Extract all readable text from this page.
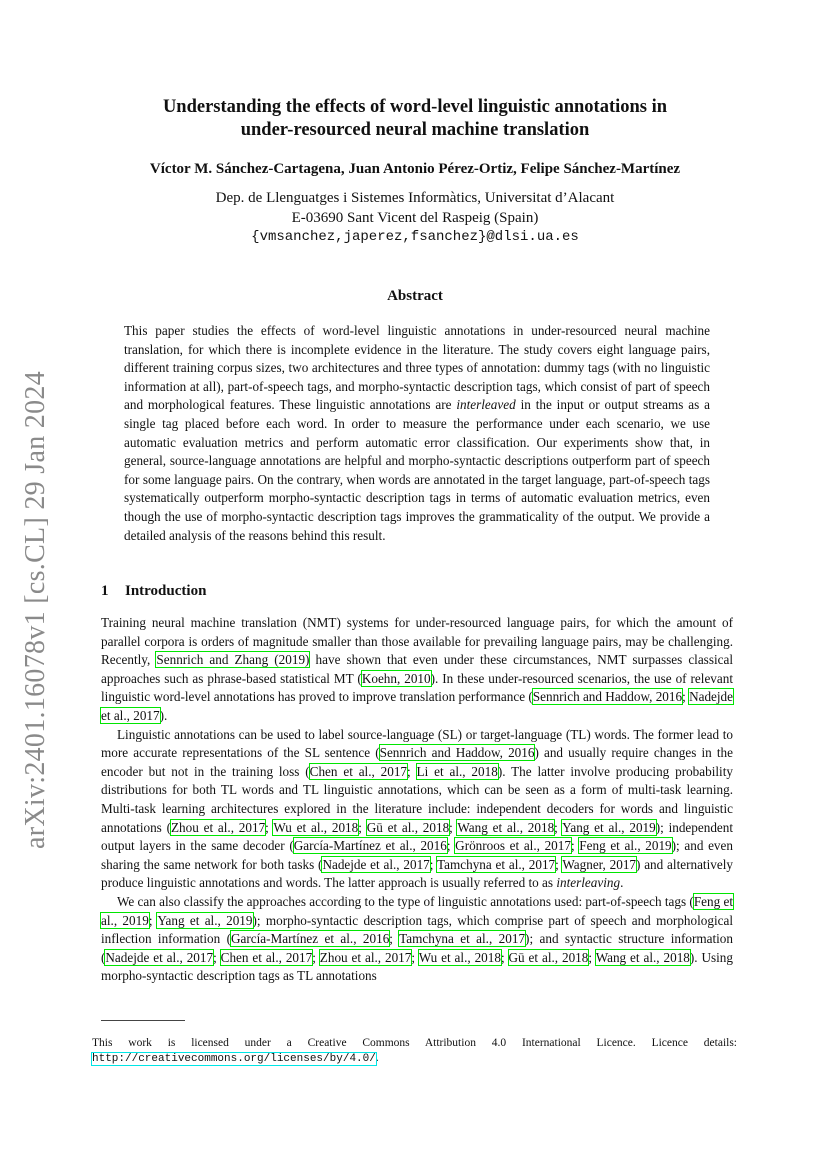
arXiv:2401.16078v1 [cs.CL] 29 Jan 2024
Understanding the effects of word-level linguistic annotations in
under-resourced neural machine translation
Víctor M. Sánchez-Cartagena, Juan Antonio Pérez-Ortiz, Felipe Sánchez-Martínez
Dep. de Llenguatges i Sistemes Informàtics, Universitat d’Alacant
E-03690 Sant Vicent del Raspeig (Spain)
{vmsanchez,japerez,fsanchez}@dlsi.ua.es
Abstract

This paper studies the effects of word-level linguistic annotations in under-resourced neural machine translation, for which there is incomplete evidence in the literature. The study covers eight language pairs, different training corpus sizes, two architectures and three types of annotation: dummy tags (with no linguistic information at all), part-of-speech tags, and morpho-syntactic description tags, which consist of part of speech and morphological features. These linguistic annotations are interleaved in the input or output streams as a single tag placed before each word. In order to measure the performance under each scenario, we use automatic evaluation metrics and perform automatic error classification. Our experiments show that, in general, source-language annotations are helpful and morpho-syntactic descriptions outperform part of speech for some language pairs. On the contrary, when words are annotated in the target language, part-of-speech tags systematically outperform morpho-syntactic description tags in terms of automatic evaluation metrics, even though the use of morpho-syntactic description tags improves the grammaticality of the output. We provide a detailed analysis of the reasons behind this result.

1 Introduction

Training neural machine translation (NMT) systems for under-resourced language pairs, for which the amount of parallel corpora is orders of magnitude smaller than those available for prevailing language pairs, may be challenging. Recently, Sennrich and Zhang (2019) have shown that even under these circumstances, NMT surpasses classical approaches such as phrase-based statistical MT (Koehn, 2010). In these under-resourced scenarios, the use of relevant linguistic word-level annotations has proved to improve translation performance (Sennrich and Haddow, 2016; Nadejde et al., 2017).

Linguistic annotations can be used to label source-language (SL) or target-language (TL) words. The former lead to more accurate representations of the SL sentence (Sennrich and Haddow, 2016) and usually require changes in the encoder but not in the training loss (Chen et al., 2017; Li et al., 2018). The latter involve producing probability distributions for both TL words and TL linguistic annotations, which can be seen as a form of multi-task learning. Multi-task learning architectures explored in the literature include: independent decoders for words and linguistic annotations (Zhou et al., 2017; Wu et al., 2018; Gū et al., 2018; Wang et al., 2018; Yang et al., 2019); independent output layers in the same decoder (García-Martínez et al., 2016; Grönroos et al., 2017; Feng et al., 2019); and even sharing the same network for both tasks (Nadejde et al., 2017; Tamchyna et al., 2017; Wagner, 2017) and alternatively produce linguistic annotations and words. The latter approach is usually referred to as interleaving.

We can also classify the approaches according to the type of linguistic annotations used: part-of-speech tags (Feng et al., 2019; Yang et al., 2019); morpho-syntactic description tags, which comprise part of speech and morphological inflection information (García-Martínez et al., 2016; Tamchyna et al., 2017); and syntactic structure information (Nadejde et al., 2017; Chen et al., 2017; Zhou et al., 2017; Wu et al., 2018; Gū et al., 2018; Wang et al., 2018). Using morpho-syntactic description tags as TL annotations

This work is licensed under a Creative Commons Attribution 4.0 International Licence. Licence details: http://creativecommons.org/licenses/by/4.0/.
